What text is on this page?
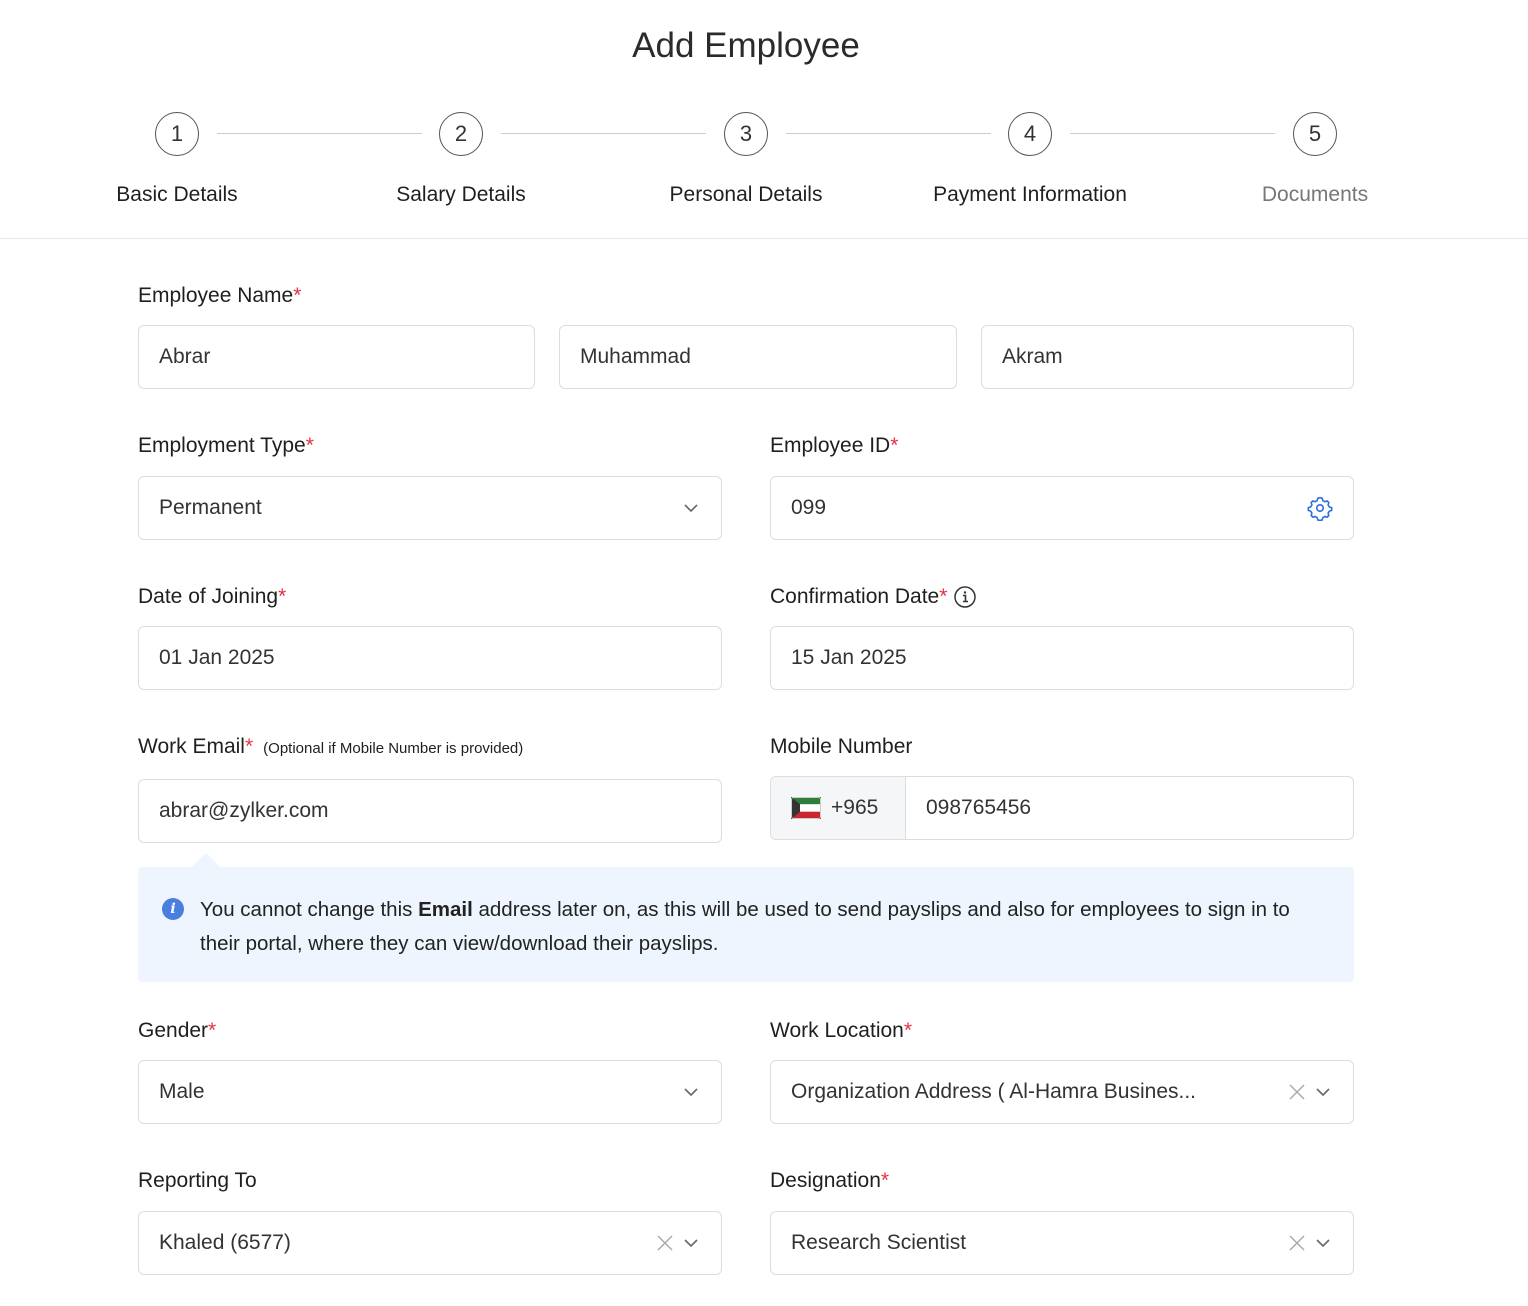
Add Employee
1	2	3	4	5
Basic Details	Salary Details	Personal Details	Payment Information	Documents
Employee Name*
Abrar	Muhammad	Akram
Employment Type*
Permanent
Employee ID*
099
Date of Joining*
01 Jan 2025
Confirmation Date *
15 Jan 2025
Work Email * (Optional if Mobile Number is provided)
abrar@zylker.com
Mobile Number
+965	098765456
You cannot change this Email address later on, as this will be used to send payslips and also for employees to sign in to their portal, where they can view/download their payslips.
i
Gender*
Male
Work Location*
Organization Address ( Al-Hamra Busines...
Reporting To
Khaled (6577)
Designation*
Research Scientist
